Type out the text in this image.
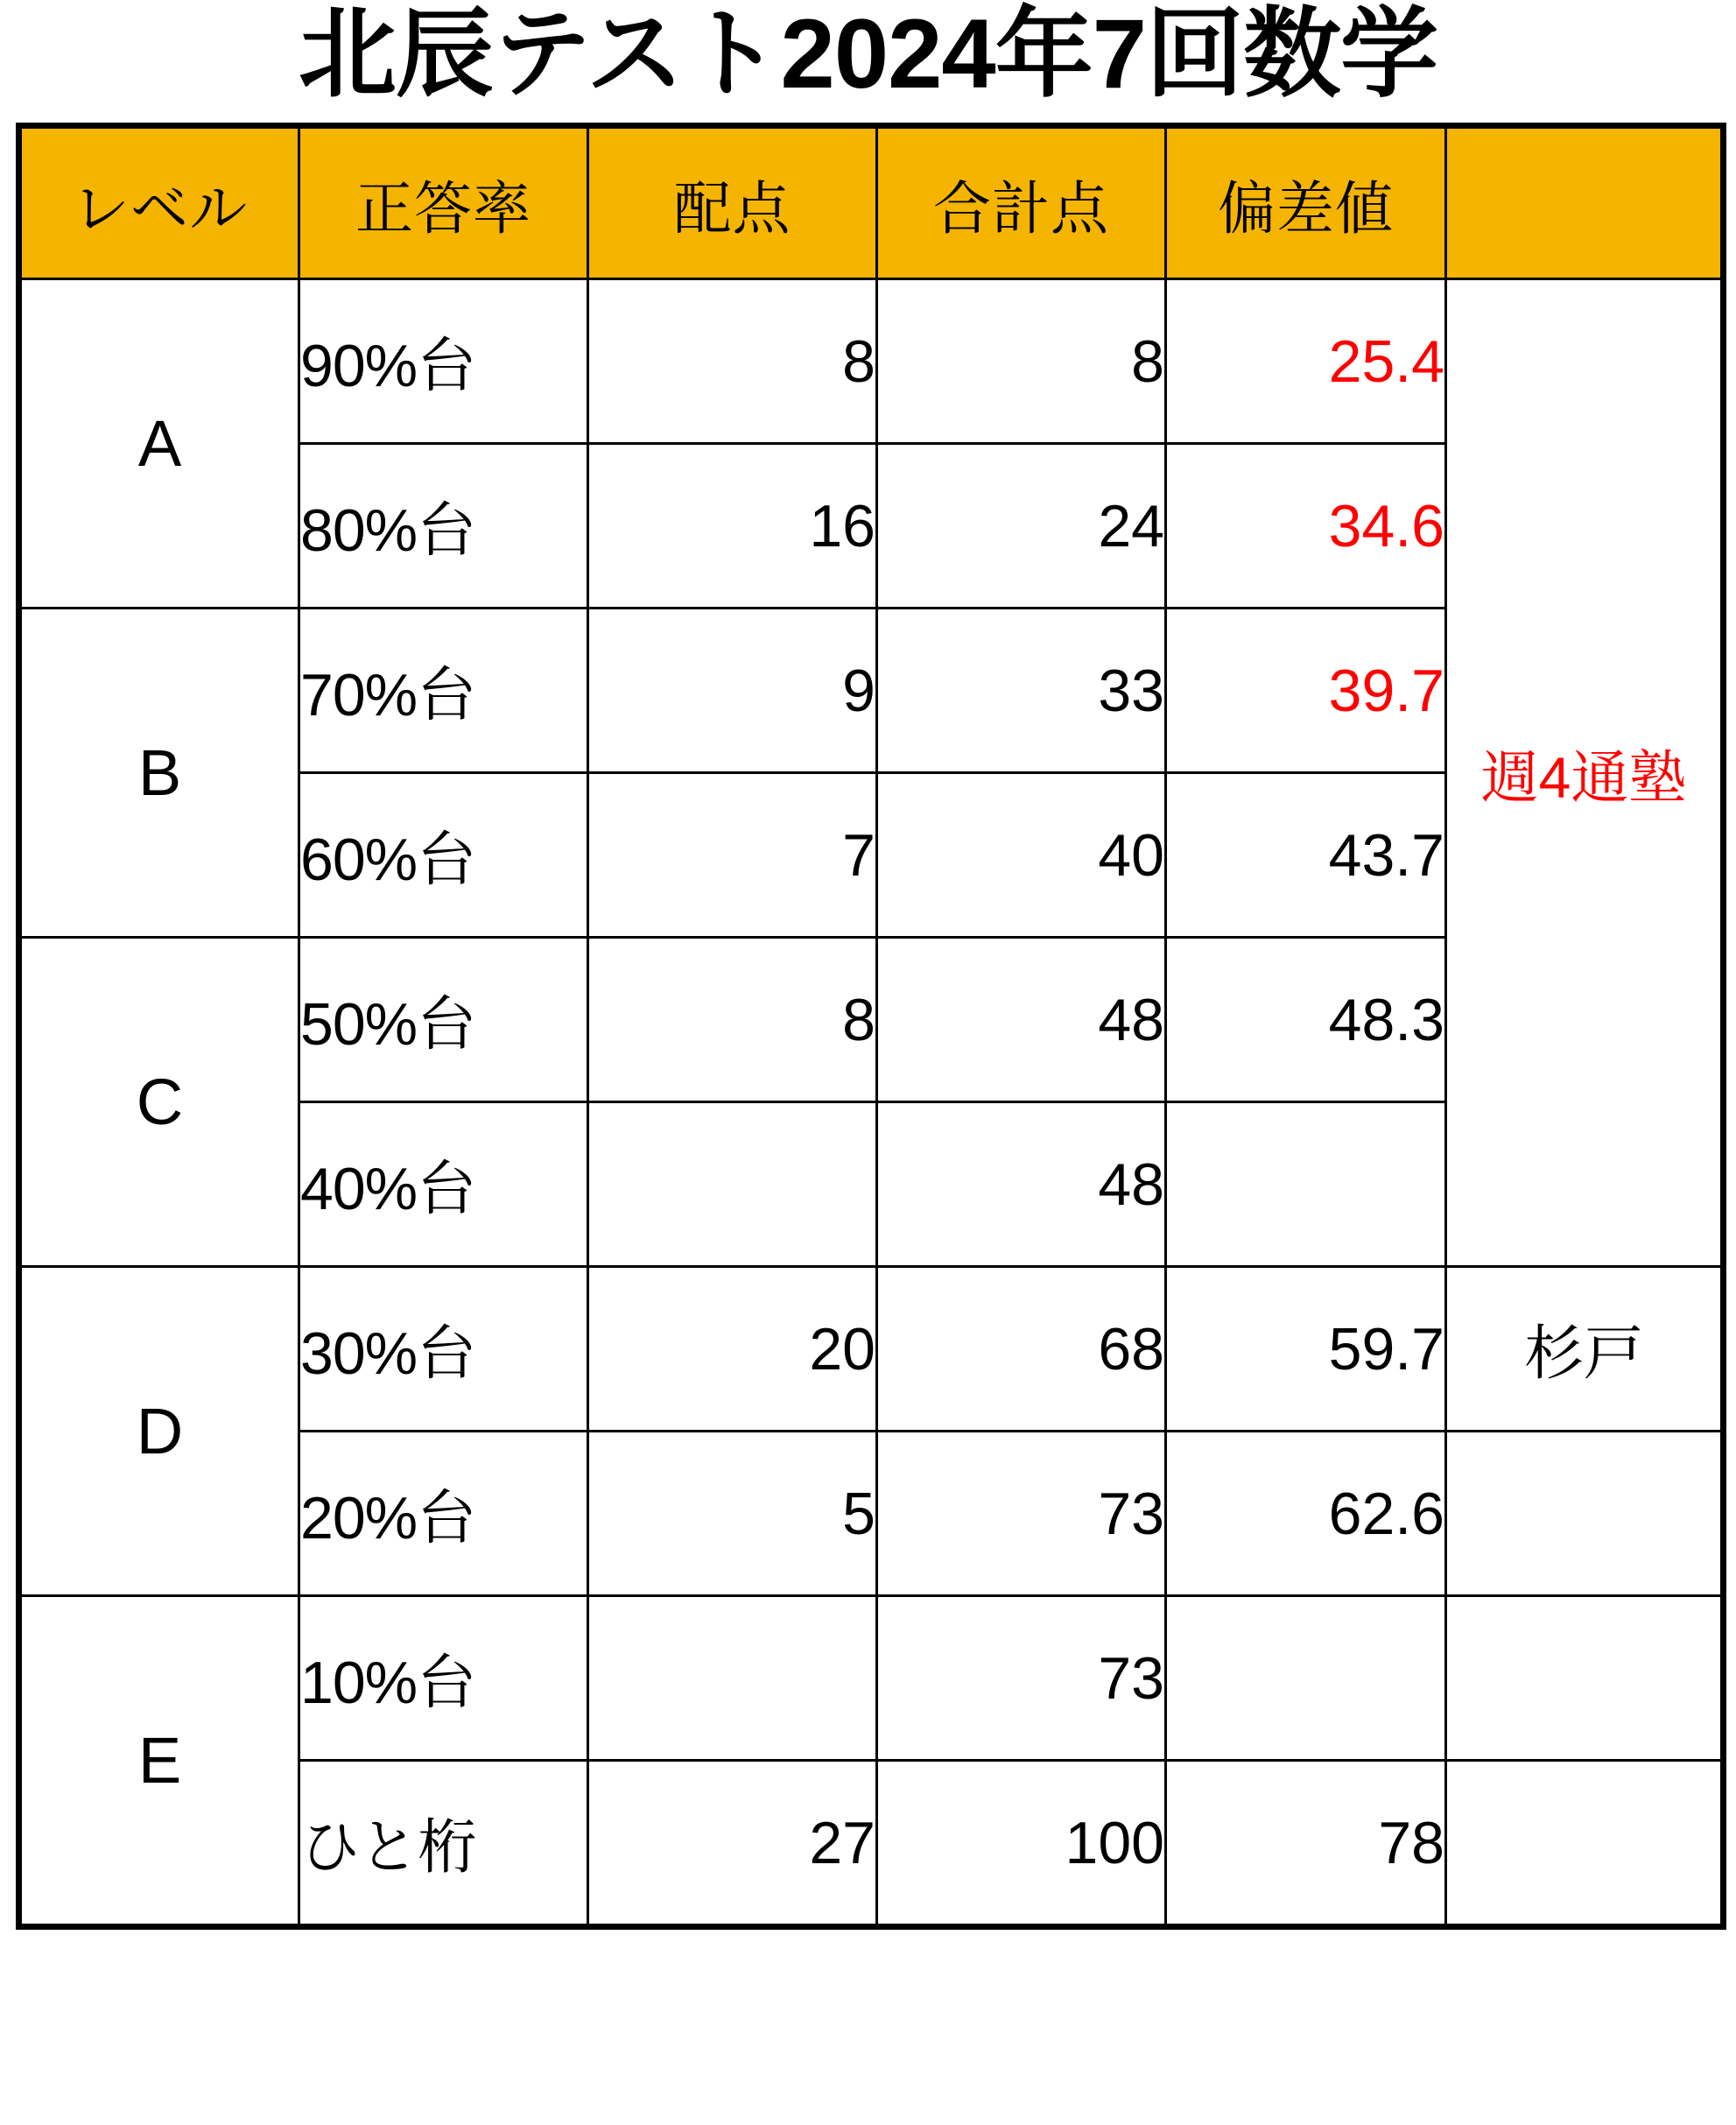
北辰テスト2024年7回数学
レベル	正答率	配点	合計点	偏差値	
A	90%台	8	8	25.4	週4通塾
	80%台	16	24	34.6	
B	70%台	9	33	39.7	
	60%台	7	40	43.7	
C	50%台	8	48	48.3	
	40%台		48		
D	30%台	20	68	59.7	杉戸
	20%台	5	73	62.6	
E	10%台		73		
	ひと桁	27	100	78	
